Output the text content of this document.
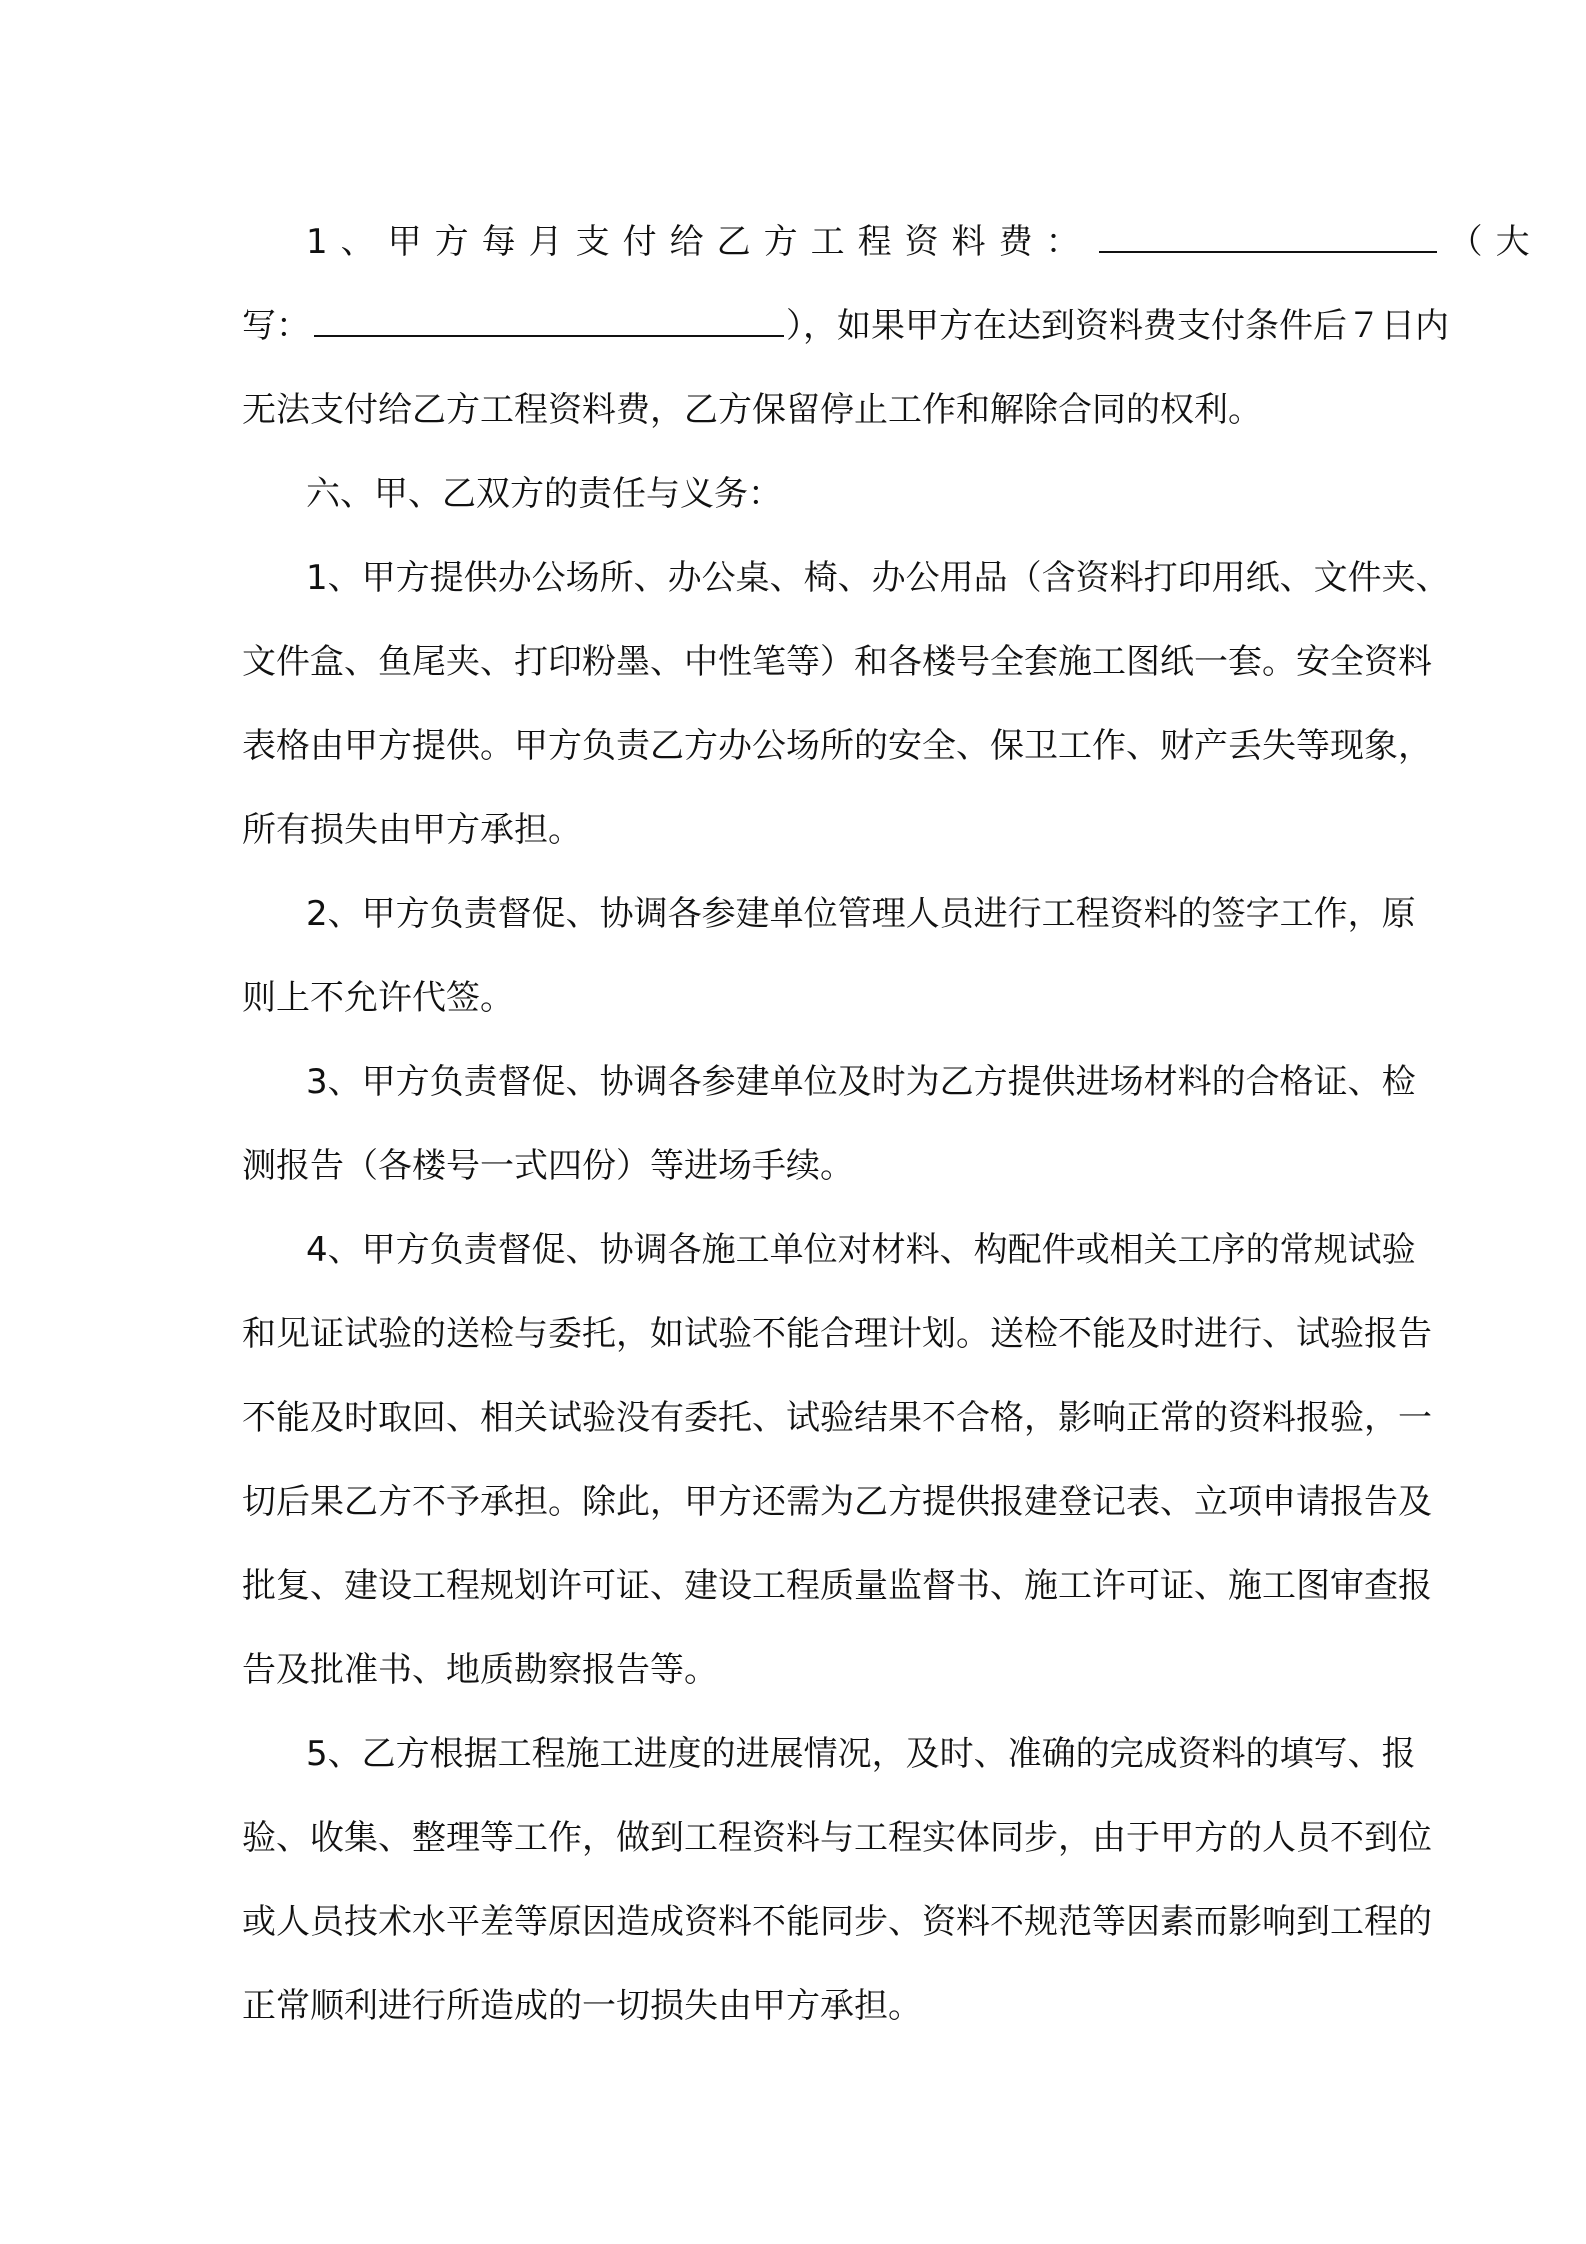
1、甲方每月支付给乙方工程资料费：	（大
写：	），如果甲方在达到资料费支付条件后７日内
无法支付给乙方工程资料费，乙方保留停止工作和解除合同的权利。
六、甲、乙双方的责任与义务：
1、甲方提供办公场所、办公桌、椅、办公用品（含资料打印用纸、文件夹、
文件盒、鱼尾夹、打印粉墨、中性笔等）和各楼号全套施工图纸一套。安全资料
表格由甲方提供。甲方负责乙方办公场所的安全、保卫工作、财产丢失等现象，
所有损失由甲方承担。
2、甲方负责督促、协调各参建单位管理人员进行工程资料的签字工作，原
则上不允许代签。
3、甲方负责督促、协调各参建单位及时为乙方提供进场材料的合格证、检
测报告（各楼号一式四份）等进场手续。
4、甲方负责督促、协调各施工单位对材料、构配件或相关工序的常规试验
和见证试验的送检与委托，如试验不能合理计划。送检不能及时进行、试验报告
不能及时取回、相关试验没有委托、试验结果不合格，影响正常的资料报验，一
切后果乙方不予承担。除此，甲方还需为乙方提供报建登记表、立项申请报告及
批复、建设工程规划许可证、建设工程质量监督书、施工许可证、施工图审查报
告及批准书、地质勘察报告等。
5、乙方根据工程施工进度的进展情况，及时、准确的完成资料的填写、报
验、收集、整理等工作，做到工程资料与工程实体同步，由于甲方的人员不到位
或人员技术水平差等原因造成资料不能同步、资料不规范等因素而影响到工程的
正常顺利进行所造成的一切损失由甲方承担。
